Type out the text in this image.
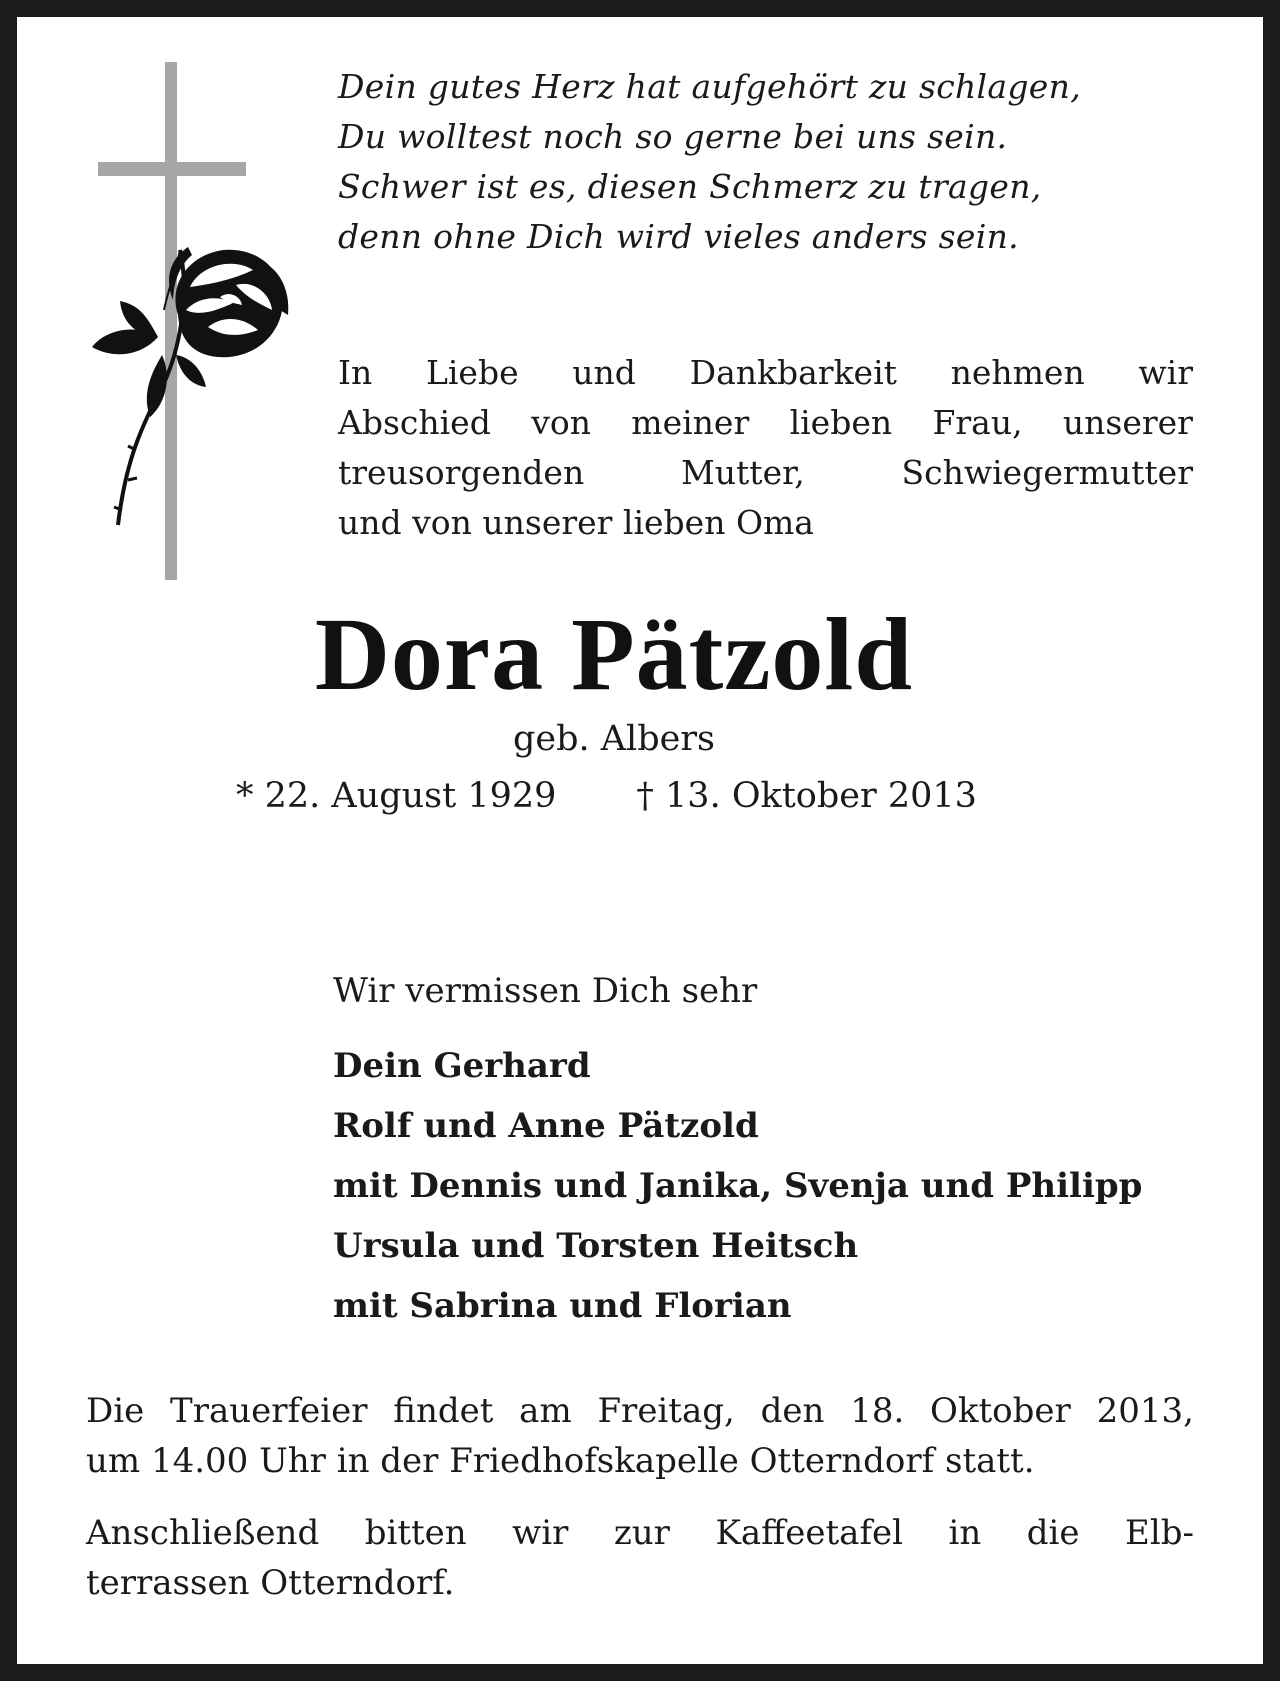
Dein gutes Herz hat aufgehört zu schlagen,
Du wolltest noch so gerne bei uns sein.
Schwer ist es, diesen Schmerz zu tragen,
denn ohne Dich wird vieles anders sein.
In Liebe und Dankbarkeit nehmen wir
Abschied von meiner lieben Frau, unserer
treusorgenden	Mutter,	Schwiegermutter
und von unserer lieben Oma
Dora Pätzold
geb. Albers
* 22. August 1929 † 13. Oktober 2013
Wir vermissen Dich sehr
Dein Gerhard
Rolf und Anne Pätzold
mit Dennis und Janika, Svenja und Philipp
Ursula und Torsten Heitsch
mit Sabrina und Florian
Die Trauerfeier findet am Freitag, den 18. Oktober 2013,
um 14.00 Uhr in der Friedhofskapelle Otterndorf statt.
Anschließend bitten wir zur Kaffeetafel in die Elb-
terrassen Otterndorf.
